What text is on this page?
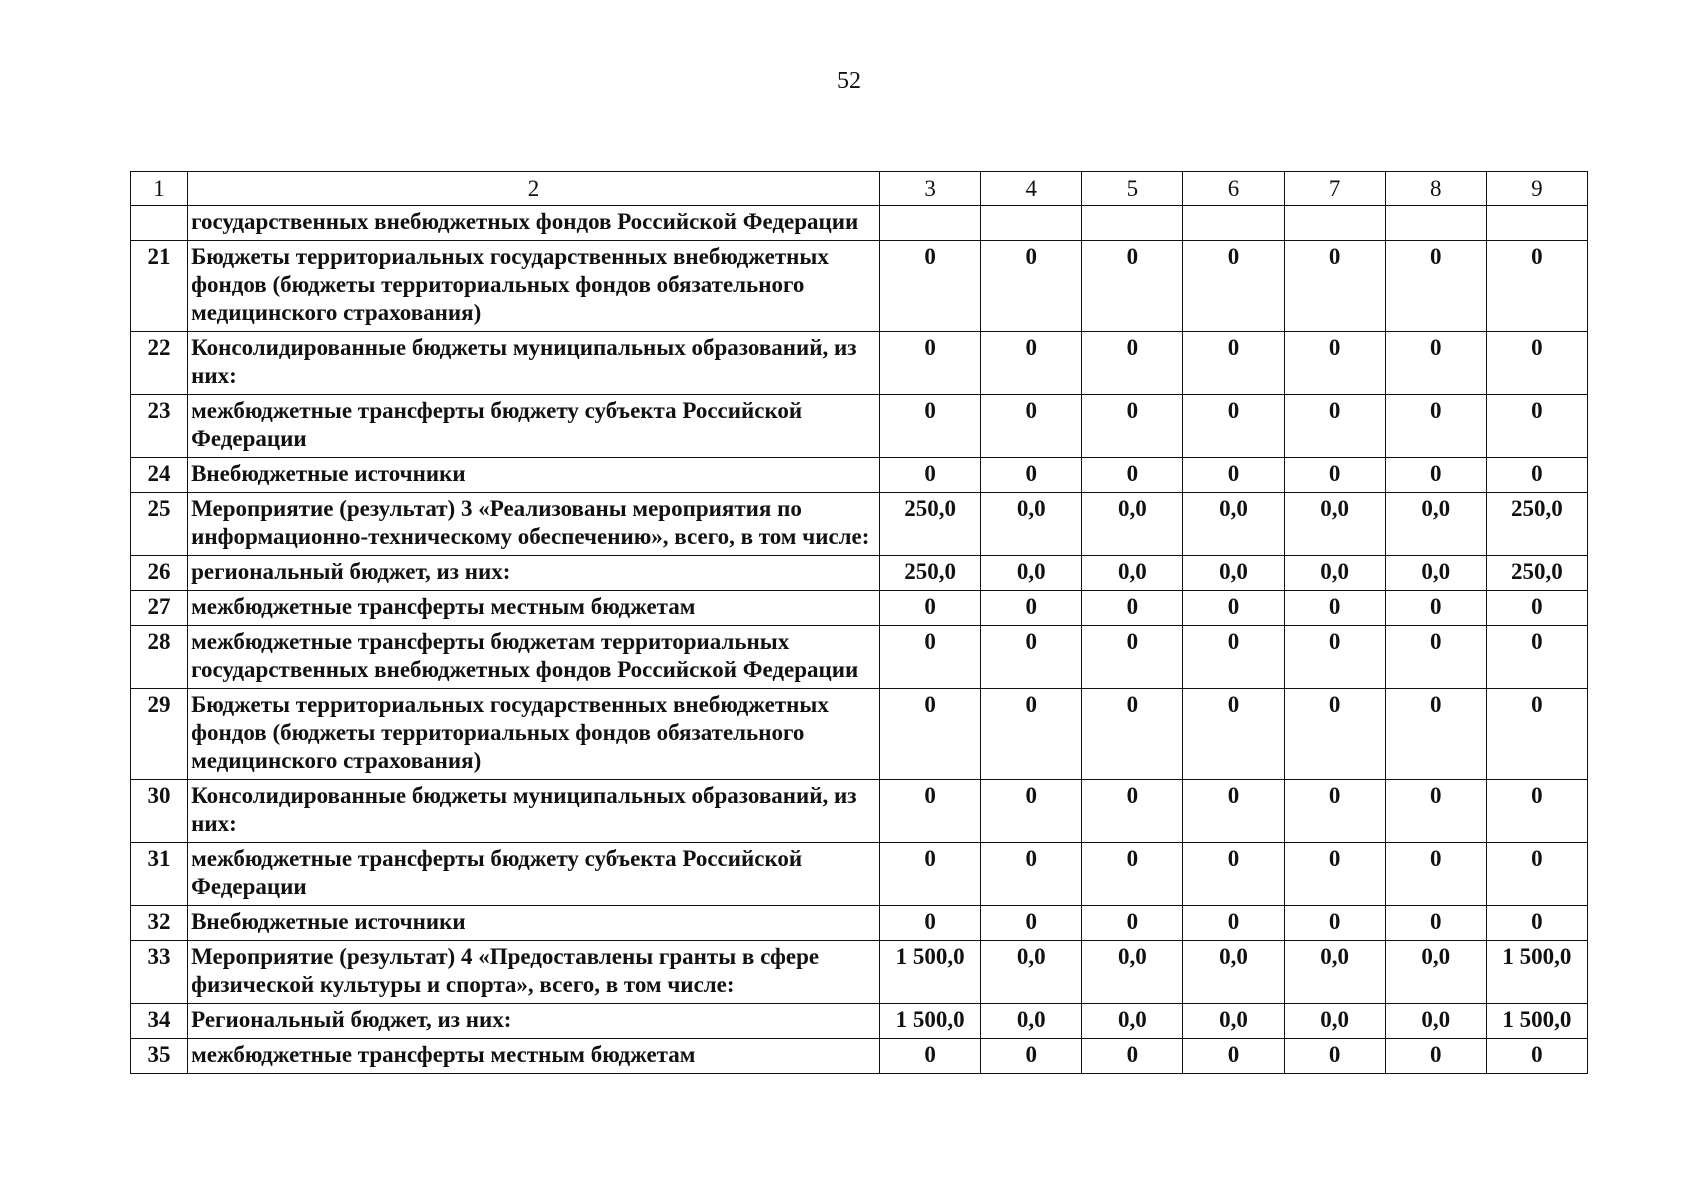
52
1	2	3	4	5	6	7	8	9
	государственных внебюджетных фондов Российской Федерации							
21	Бюджеты территориальных государственных внебюджетных фондов (бюджеты территориальных фондов обязательного медицинского страхования)	0	0	0	0	0	0	0
22	Консолидированные бюджеты муниципальных образований, из них:	0	0	0	0	0	0	0
23	межбюджетные трансферты бюджету субъекта Российской Федерации	0	0	0	0	0	0	0
24	Внебюджетные источники	0	0	0	0	0	0	0
25	Мероприятие (результат) 3 «Реализованы мероприятия по информационно-техническому обеспечению», всего, в том числе:	250,0	0,0	0,0	0,0	0,0	0,0	250,0
26	региональный бюджет, из них:	250,0	0,0	0,0	0,0	0,0	0,0	250,0
27	межбюджетные трансферты местным бюджетам	0	0	0	0	0	0	0
28	межбюджетные трансферты бюджетам территориальных государственных внебюджетных фондов Российской Федерации	0	0	0	0	0	0	0
29	Бюджеты территориальных государственных внебюджетных фондов (бюджеты территориальных фондов обязательного медицинского страхования)	0	0	0	0	0	0	0
30	Консолидированные бюджеты муниципальных образований, из них:	0	0	0	0	0	0	0
31	межбюджетные трансферты бюджету субъекта Российской Федерации	0	0	0	0	0	0	0
32	Внебюджетные источники	0	0	0	0	0	0	0
33	Мероприятие (результат) 4 «Предоставлены гранты в сфере физической культуры и спорта», всего, в том числе:	1 500,0	0,0	0,0	0,0	0,0	0,0	1 500,0
34	Региональный бюджет, из них:	1 500,0	0,0	0,0	0,0	0,0	0,0	1 500,0
35	межбюджетные трансферты местным бюджетам	0	0	0	0	0	0	0
